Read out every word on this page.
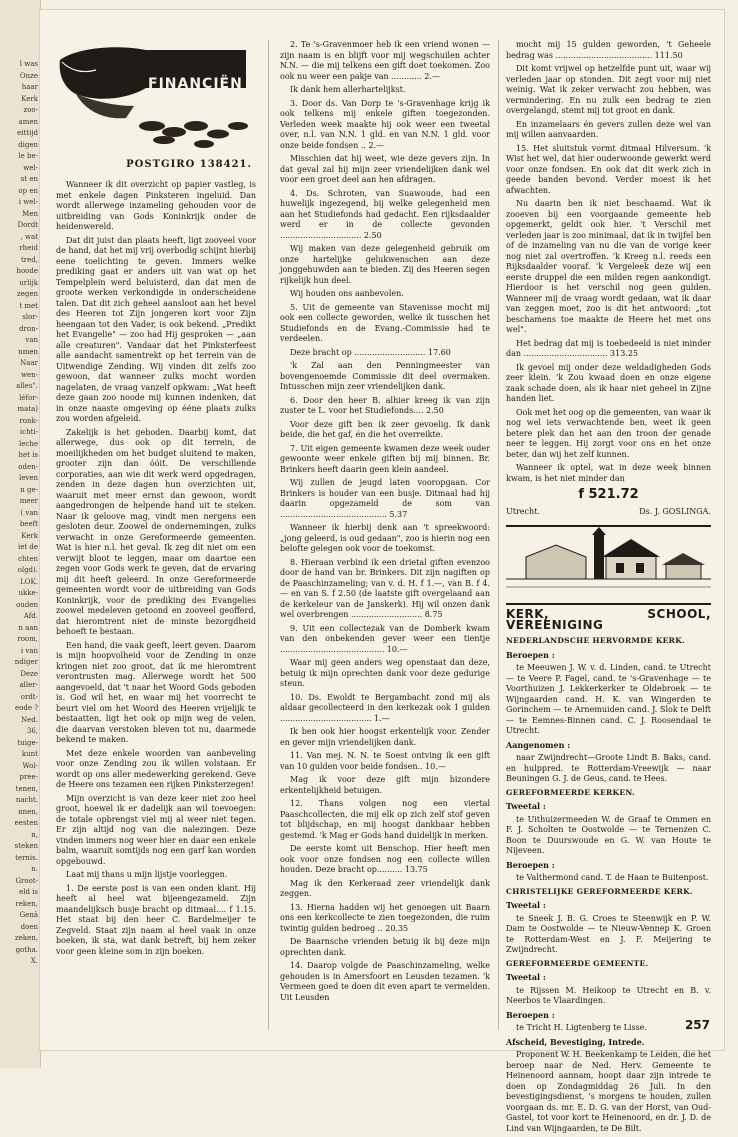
l was
Onze
haar
Kerk
zoo-
amen
eittijd
digen
le be-
wel-
st en
op en
i wel-
Men
Dordt
, wat
rheid
tred,
hoode
urlijk
zegen
t met
slor-
dron-
van
nmen
Naar
wen-
alles".
léfor-
mata)
ronk-
ichti-
leche
het is
oden-
leven
n ge-
meer
( van
beeft
Kerk
iet de
chten
olgd).
LOK.
ukke-
ouden
Afd.
n aan
room,
i van
ndiger
Deze
aller-
ordt-
eode ?
Ned.
36,
tuige-
kunt
Wol-
pree-
tenen,
nacht.
nnen,
eesten
n,
steken
ternis.
n.
Groot-
eld is
reken,
Genâ
doen
zeken,
gotha.
X.
FINANCIËN
POSTGIRO 138421.

Wanneer ik dit overzicht op papier vastleg, is met enkele dagen Pinksteren ingeluid. Dan wordt allerwege inzameling gehouden voor de uitbreiding van Gods Koninkrijk onder de heidenwereld.

Dat dit juist dan plaats heeft, ligt zooveel voor de hand, dat het mij vrij overbodig schijnt hierbij eene toelichting te geven. Immers welke prediking gaat er anders uit van wat op het Tempelplein werd beluisterd, dan dat men de groote werken verkondigde in onderscheidene talen. Dat dit zich geheel aansloot aan het bevel des Heeren tot Zijn jongeren kort voor Zijn heengaan tot den Vader, is ook bekend. „Predikt het Evangelie" — zoo had Hij gesproken — „aan alle creaturen". Vandaar dat het Pinksterfeest alle aandacht samentrekt op het terrein van de Uitwendige Zending. Wij vinden dit zelfs zoo gewoon, dat wanneer zulks mocht worden nagelaten, de vraag vanzelf opkwam: „Wat heeft deze gaan zoo noode mij kunnen indenken, dat in onze naaste omgeving op ééne plaats zulks zou worden afgeleid.

Zakelijk is het geboden. Daarbij komt, dat allerwege, dus ook op dit terrein, de moeilijkheden om het budget sluitend te maken, grooter zijn dan óóit. De verschillende corporaties, aan wie dit werk werd opgedragen, zenden in deze dagen hun overzichten uit, waaruit met meer ernst dan gewoon, wordt aangedrongen de helpende hand uit te steken. Naar ik geloove mag, vindt men nergens een gesloten deur. Zoowel de ondernemingen, zulks verwacht in onze Gereformeerde gemeenten. Wat is hier n.l. het geval. Ik zeg dit niet om een verwijt bloot te leggen, maar om daartoe een zegen voor Gods werk te geven, dat de ervaring mij dit heeft geleerd. In onze Gereformeerde gemeenten wordt voor de uitbreiding van Gods Koninkrijk, voor de prediking des Evangelies zoowel medeleven getoond en zooveel geofferd, dat hieromtrent niet de minste bezorgdheid behoeft te bestaan.

Een hand, die vaak geeft, leert geven. Daarom is mijn hoopvolheid voor de Zending in onze kringen niet zoo groot, dat ik me hieromtrent verontrusten mag. Allerwege wordt het 500 aangevoeld, dat 't naar het Woord Gods geboden is. God wil het, en waar mij het voorrecht te beurt viel om het Woord des Heeren vrijelijk te bestaatten, ligt het ook op mijn weg de velen, die daarvan verstoken bleven tot nu, daarmede bekend te maken.

Met deze enkele woorden van aanbeveling voor onze Zending zou ik willen volstaan. Er wordt op ons aller medewerking gerekend. Geve de Heere ons tezamen een rijken Pinksterzegen!

Mijn overzicht is van deze keer niet zoo heel groot, hoewel ik er dadelijk aan wil toevoegen: de totale opbrengst viel mij al weer niet tegen. Er zijn altijd nog van die nalezingen. Deze vinden immers nog weer hier en daar een enkele balm, waaruit somtijds nog een garf kan worden opgebouwd.

Laat mij thans u mijn lijstje voorleggen.

1. De eerste post is van een onden klant. Hij heeft al heel wat bijeengezameld. Zijn maandelijksch busje bracht op ditmaal.... f 1.15. Het staat bij den heer C. Bardelmeijer te Zegveld. Staat zijn naam al heel vaak in onze boeken, ik sta, wat dank betreft, bij hem zeker voor geen kleine som in zijn boeken.

2. Te 's-Gravenmoer heb ik een vriend wonen — zijn naam is en blijft voor mij wegschuilen achter N.N. — die mij telkens een gift doet toekomen. Zoo ook nu weer een pakje van ............ 2.—

Ik dank hem allerhartelijkst.

3. Door ds. Van Dorp te 's-Gravenhage krijg ik ook telkens mij enkele giften toegezonden. Verleden week maakte hij ook weer een tweetal over, n.l. van N.N. 1 gld. en van N.N. 1 gld. voor onze beide fondsen .. 2.—

Misschien dat hij weet, wie deze gevers zijn. In dat geval zal hij mijn zeer vriendelijken dank wel voor een groet deel aan hen afdragen.

4. Ds. Schroten, van Suawoude, had een huwelijk ingezegend, bij welke gelegenheid men aan het Studiefonds had gedacht. Een rijksdaalder werd er in de collecte gevonden ................................ 2.50

Wij maken van deze gelegenheid gebruik om onze hartelijke gelukwenschen aan deze jonggehuwden aan te bieden. Zij des Heeren segen rijkelijk hun deel.

Wij houden ons aanbevolen.

5. Uit de gemeente van Stavenisse mocht mij ook een collecte geworden, welke ik tusschen het Studiefonds en de Evang.-Commissie had te verdeelen.

Deze bracht op ............................ 17.60

'k Zal aan den Penningmeester van bovengenoemde Commissie dit deel overmaken. Intusschen mijn zeer vriendelijken dank.

6. Door den heer B. alhier kreeg ik van zijn zuster te L. voor het Studiefonds.... 2.50

Voor deze gift ben ik zeer gevoelig. Ik dank beide, die het gaf, én die het overreikte.

7. Uit eigen gemeente kwamen deze week ouder gewoonte weer enkele giften bij mij binnen. Br. Brinkers heeft daarin geen klein aandeel.

Wij zullen de jeugd laten vooropgaan. Cor Brinkers is houder van een busje. Ditmaal had hij daarin opgezameld de som van .......................................... 5.37

Wanneer ik hierbij denk aan 't spreekwoord: „jong geleerd, is oud gedaan", zoo is hierin nog een belofte gelegen ook voor de toekomst.

8. Hieraan verbind ik een drietal giften evenzoo door de hand van br. Brinkers. Dit zijn nagiften op de Paaschinzameling; van v. d. H. f 1.—, van B. f 4.— en van S. f 2.50 (de laatste gift overgelaand aan de kerkeleur van de Janskerk). Hij wil onzen dank wel overbrengen ............................ 8.75

9. Uit een collectezak van de Domberk kwam van den onbekenden gever weer een tientje ......................................... 10.—

Waar mij geen anders weg openstaat dan deze, betuig ik mijn oprechten dank voor deze gedurige steun.

10. Ds. Ewoldt te Bergambacht zond mij als aldaar gecollecteerd in den kerkezak ook 1 gulden .................................... 1.—

Ik ben ook hier hoogst erkentelijk voor. Zender en gever mijn vriendelijken dank.

11. Van mej. N. N. te Soest ontving ik een gift van 10 gulden voor beide fondsen.. 10.—

Mag ik voor deze gift mijn bizondere erkentelijkheid betuigen.

12. Thans volgen nog een viertal Paaschcollecten, die mij elk op zich zelf stof geven tot blijdschap, en mij hoogst dankbaar hebben gestemd. 'k Mag er Gods hand duidelijk in merken.

De eerste komt uit Benschop. Hier heeft men ook voor onze fondsen nog een collecte willen houden. Deze bracht op.......... 13.75

Mag ik den Kerkeraad zeer vriendelijk dank zeggen.

13. Hierna hadden wij het genoegen uit Baarn ons een kerkcollecte te zien toegezonden, die ruim twintig gulden bedroeg .. 20.35

De Baarnsche vrienden betuig ik bij deze mijn oprechten dank.

14. Daarop volgde de Paaschinzameling, welke gehouden is in Amersfoort en Leusden tezamen. 'k Vermeen goed te doen dit even apart te vermelden. Uit Leusden

mocht mij 15 gulden geworden, 't Geheele bedrag was ...................................... 111.50

Dit komt vrijwel op hetzelfde punt uit, waar wij verleden jaar op stonden. Dit zegt voor mij niet weinig. Wat ik zeker verwacht zou hebben, was vermindering. En nu zulk een bedrag te zien overgelangd, stemt mij tot groot en dank.

En inzamelaars én gevers zullen deze wel van mij willen aanvaarden.

15. Het sluitstuk vormt ditmaal Hilversum. 'k Wist het wel, dat hier ouderwoonde gewerkt werd voor onze fondsen. En ook dat dit werk zich in geede banden bevond. Verder moest ik het afwachten.

Nu daarin ben ik niet beschaamd. Wat ik zooeven bij een voorgaande gemeente heb opgemerkt, geldt ook hier. 't Verschil met verleden jaar is zoo minimaal, dat ik in twijfel ben of de inzameling van nu die van de vorige keer nog niet zal overtroffen. 'k Kreeg n.l. reeds een Rijksdaalder vooraf. 'k Vergeleek deze wij een eerste druppel die een milden regen aankondigt. Hierdoor is het verschil nog geen gulden. Wanneer mij de vraag wordt gedaan, wat ik daar van zeggen moet, zoo is dit het antwoord: „tot beschamens toe maakte de Heere het met ons wel".

Het bedrag dat mij is toebedeeld is niet minder dan ................................. 313.25

Ik gevoel mij onder deze weldadigheden Gods zeer klein. 'k Zou kwaad doen en onze eigene zaak schade doen, als ik haar niet geheel in Zijne handen liet.

Ook met het oog op die gemeenten, van waar ik nog wel iets verwachtende ben, weet ik geen betere plek dan het aan den troon der genade neer te leggen. Hij zorgt voor ons en het onze beter, dan wij het zelf kunnen.

Wanneer ik optel, wat in deze week binnen kwam, is het niet minder dan

f 521.72
Utrecht.	Ds. J. GOSLINGA.
KERK, SCHOOL, VEREENIGING

NEDERLANDSCHE HERVORMDE KERK.

Beroepen :

te Meeuwen J. W. v. d. Linden, cand. te Utrecht — te Veere P. Fagel, cand. te 's-Gravenhage — te Voorthuizen J. Lekkerkerker te Oldebroek — te Wijngaarden cand. H. K. van Wingerden te Gorinchem — te Arnemuiden cand. J. Slok te Delft — te Eemnes-Binnen cand. C. J. Roosendaal te Utrecht.

Aangenomen :

naar Zwijndrecht—Groote Lindt B. Baks, cand. en hulppred. te Rotterdam-Vreewijk — naar Beuningen G. J. de Geus, cand. te Hees.

GEREFORMEERDE KERKEN.

Tweetal :

te Uithuizermeeden W. de Graaf te Ommen en F. J. Scholten te Oostwolde — te Ternenzen C. Boon te Duurswoude en G. W. van Houte te Nijeveen.

Beroepen :

te Valthermond cand. T. de Haan te Buitenpost.

CHRISTELIJKE GEREFORMEERDE KERK.

Tweetal :

te Sneek J. B. G. Croes te Steenwijk en P. W. Dam te Oostwolde — te Nieuw-Vennep K. Groen te Rotterdam-West en J. F. Meijering te Zwijndrecht.

GEREFORMEERDE GEMEENTE.

Tweetal :

te Rijssen M. Heikoop te Utrecht en B. v. Neerbos te Vlaardingen.

Beroepen :

te Tricht H. Ligtenberg te Lisse.

Afscheid, Bevestiging, Intrede.

Proponent W. H. Beekenkamp te Leiden, die het beroep naar de Ned. Herv. Gemeente te Heinenoord aannam, hoopt daar zijn intrede te doen op Zondagmiddag 26 Juli. In den bevestigingsdienst, 's morgens te houden, zullen voorgaan ds. mr. E. D. G. van der Horst, van Oud-Gastel, tot voor kort te Heinenoord, en dr. J. D. de Lind van Wijngaarden, te De Bilt.

257
